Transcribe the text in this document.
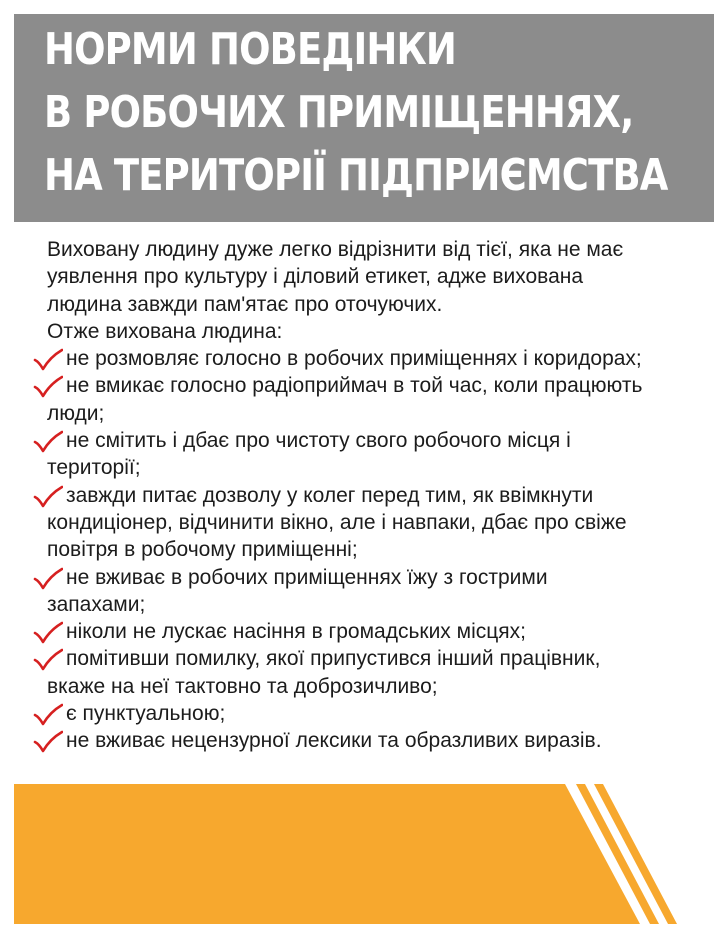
НОРМИ ПОВЕДІНКИ
В РОБОЧИХ ПРИМІЩЕННЯХ,
НА ТЕРИТОРІЇ ПІДПРИЄМСТВА
Виховану людину дуже легко відрізнити від тієї, яка не має
уявлення про культуру і діловий етикет, адже вихована
людина завжди пам'ятає про оточуючих.
Отже вихована людина:
не розмовляє голосно в робочих приміщеннях і коридорах;
не вмикає голосно радіоприймач в той час, коли працюють
люди;
не смітить і дбає про чистоту свого робочого місця і
території;
завжди питає дозволу у колег перед тим, як ввімкнути
кондиціонер, відчинити вікно, але і навпаки, дбає про свіже
повітря в робочому приміщенні;
не вживає в робочих приміщеннях їжу з гострими
запахами;
ніколи не лускає насіння в громадських місцях;
помітивши помилку, якої припустився інший працівник,
вкаже на неї тактовно та доброзичливо;
є пунктуальною;
не вживає нецензурної лексики та образливих виразів.
